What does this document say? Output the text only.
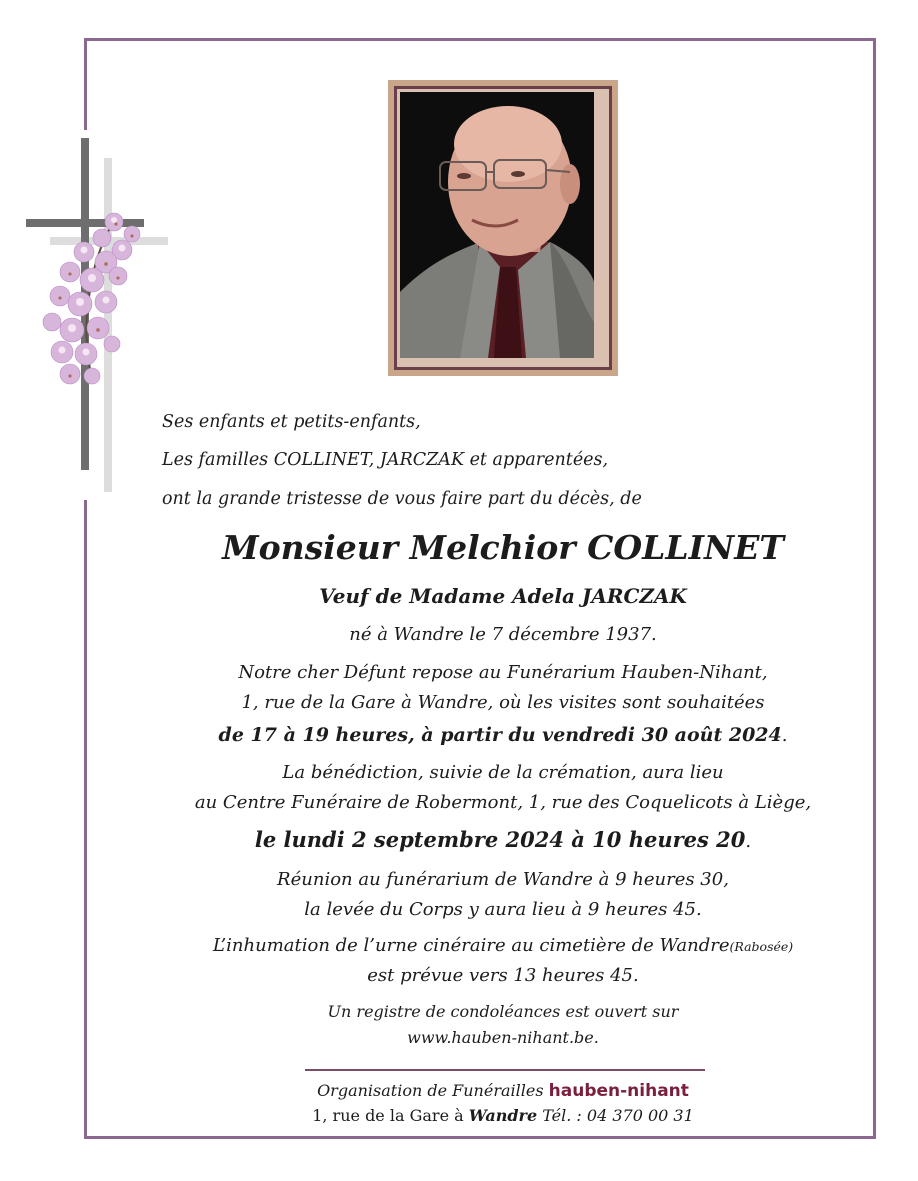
Ses enfants et petits-enfants,
Les familles COLLINET, JARCZAK et apparentées,
ont la grande tristesse de vous faire part du décès, de
Monsieur Melchior COLLINET
Veuf de Madame Adela JARCZAK
né à Wandre le 7 décembre 1937.
Notre cher Défunt repose au Funérarium Hauben-Nihant,
1, rue de la Gare à Wandre, où les visites sont souhaitées
de 17 à 19 heures, à partir du vendredi 30 août 2024.
La bénédiction, suivie de la crémation, aura lieu
au Centre Funéraire de Robermont, 1, rue des Coquelicots à Liège,
le lundi 2 septembre 2024 à 10 heures 20.
Réunion au funérarium de Wandre à 9 heures 30,
la levée du Corps y aura lieu à 9 heures 45.
L’inhumation de l’urne cinéraire au cimetière de Wandre(Rabosée)
est prévue vers 13 heures 45.
Un registre de condoléances est ouvert sur
www.hauben-nihant.be.
Organisation de Funérailles hauben-nihant
1, rue de la Gare à Wandre Tél. : 04 370 00 31
